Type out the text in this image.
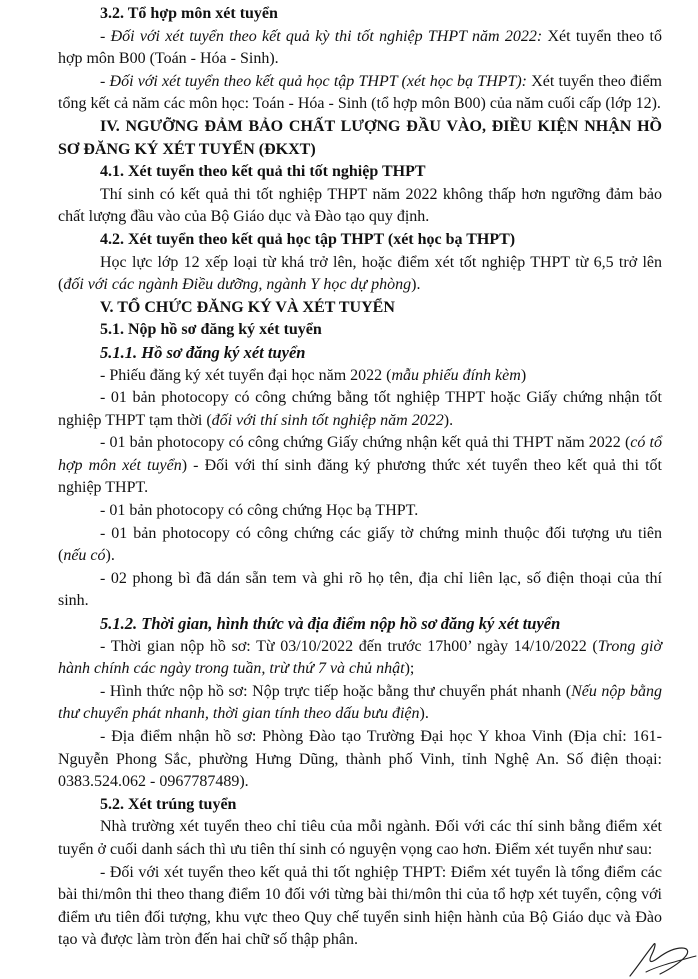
3.2. Tổ hợp môn xét tuyển

- Đối với xét tuyển theo kết quả kỳ thi tốt nghiệp THPT năm 2022: Xét tuyển theo tổ hợp môn B00 (Toán - Hóa - Sinh).

- Đối với xét tuyển theo kết quả học tập THPT (xét học bạ THPT): Xét tuyển theo điểm tổng kết cả năm các môn học: Toán - Hóa - Sinh (tổ hợp môn B00) của năm cuối cấp (lớp 12).

IV. NGƯỠNG ĐẢM BẢO CHẤT LƯỢNG ĐẦU VÀO, ĐIỀU KIỆN NHẬN HỒ SƠ ĐĂNG KÝ XÉT TUYỂN (ĐKXT)

4.1. Xét tuyển theo kết quả thi tốt nghiệp THPT

Thí sinh có kết quả thi tốt nghiệp THPT năm 2022 không thấp hơn ngưỡng đảm bảo chất lượng đầu vào của Bộ Giáo dục và Đào tạo quy định.

4.2. Xét tuyển theo kết quả học tập THPT (xét học bạ THPT)

Học lực lớp 12 xếp loại từ khá trở lên, hoặc điểm xét tốt nghiệp THPT từ 6,5 trở lên (đối với các ngành Điều dưỡng, ngành Y học dự phòng).

V. TỔ CHỨC ĐĂNG KÝ VÀ XÉT TUYỂN

5.1. Nộp hồ sơ đăng ký xét tuyển

5.1.1. Hồ sơ đăng ký xét tuyển

- Phiếu đăng ký xét tuyển đại học năm 2022 (mẫu phiếu đính kèm)

- 01 bản photocopy có công chứng bằng tốt nghiệp THPT hoặc Giấy chứng nhận tốt nghiệp THPT tạm thời (đối với thí sinh tốt nghiệp năm 2022).

- 01 bản photocopy có công chứng Giấy chứng nhận kết quả thi THPT năm 2022 (có tổ hợp môn xét tuyển) - Đối với thí sinh đăng ký phương thức xét tuyển theo kết quả thi tốt nghiệp THPT.

- 01 bản photocopy có công chứng Học bạ THPT.

- 01 bản photocopy có công chứng các giấy tờ chứng minh thuộc đối tượng ưu tiên (nếu có).

- 02 phong bì đã dán sẵn tem và ghi rõ họ tên, địa chỉ liên lạc, số điện thoại của thí sinh.

5.1.2. Thời gian, hình thức và địa điểm nộp hồ sơ đăng ký xét tuyển

- Thời gian nộp hồ sơ: Từ 03/10/2022 đến trước 17h00’ ngày 14/10/2022 (Trong giờ hành chính các ngày trong tuần, trừ thứ 7 và chủ nhật);

- Hình thức nộp hồ sơ: Nộp trực tiếp hoặc bằng thư chuyển phát nhanh (Nếu nộp bằng thư chuyển phát nhanh, thời gian tính theo dấu bưu điện).

- Địa điểm nhận hồ sơ: Phòng Đào tạo Trường Đại học Y khoa Vinh (Địa chỉ: 161-Nguyễn Phong Sắc, phường Hưng Dũng, thành phố Vinh, tỉnh Nghệ An. Số điện thoại: 0383.524.062 - 0967787489).

5.2. Xét trúng tuyển

Nhà trường xét tuyển theo chỉ tiêu của mỗi ngành. Đối với các thí sinh bằng điểm xét tuyển ở cuối danh sách thì ưu tiên thí sinh có nguyện vọng cao hơn. Điểm xét tuyển như sau:

- Đối với xét tuyển theo kết quả thi tốt nghiệp THPT: Điểm xét tuyển là tổng điểm các bài thi/môn thi theo thang điểm 10 đối với từng bài thi/môn thi của tổ hợp xét tuyển, cộng với điểm ưu tiên đối tượng, khu vực theo Quy chế tuyển sinh hiện hành của Bộ Giáo dục và Đào tạo và được làm tròn đến hai chữ số thập phân.
